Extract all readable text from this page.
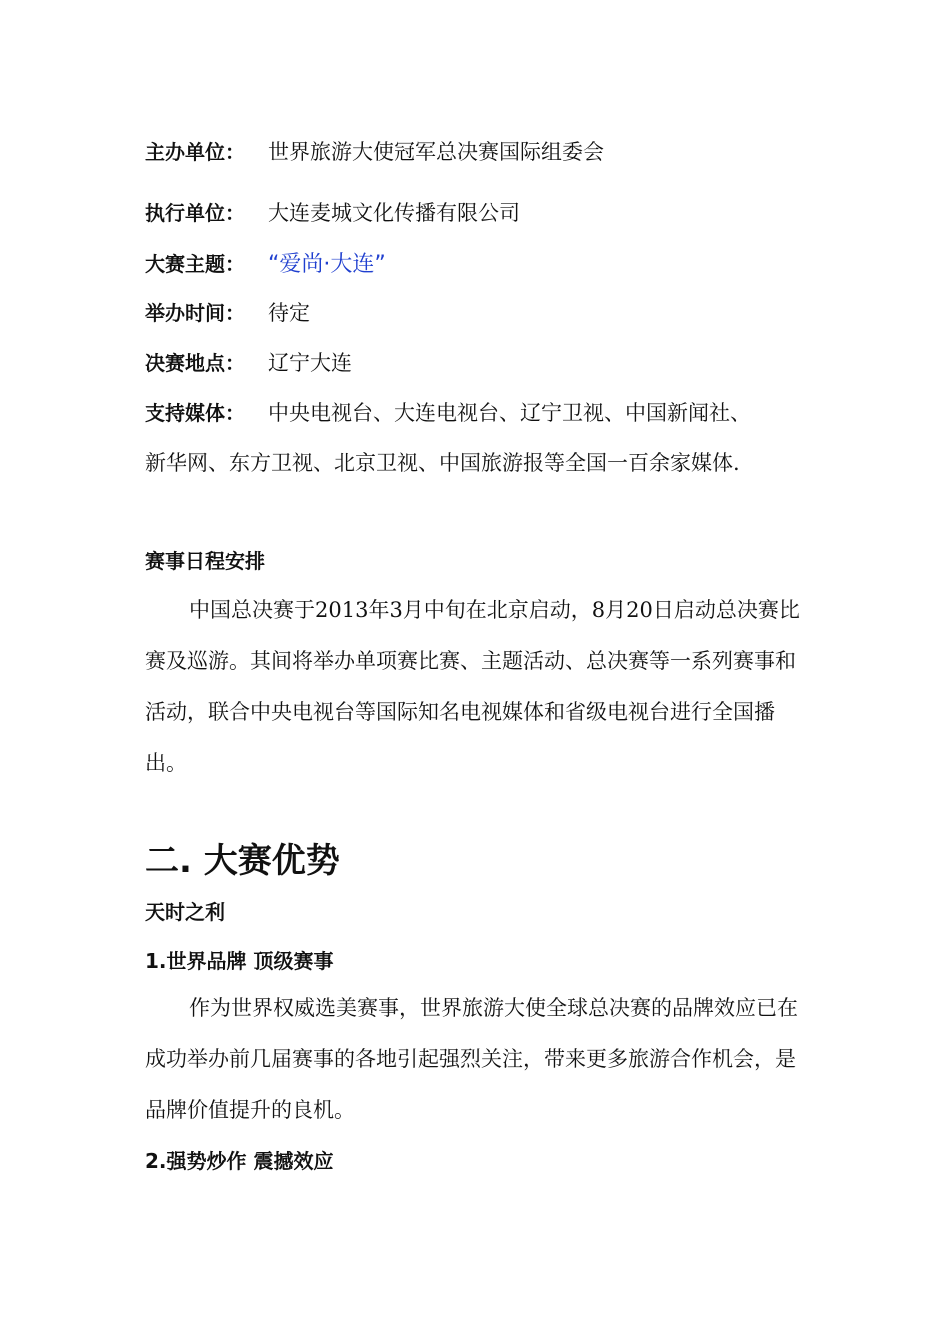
主办单位： 世界旅游大使冠军总决赛国际组委会
执行单位： 大连麦城文化传播有限公司
大赛主题： “爱尚·大连”
举办时间： 待定
决赛地点： 辽宁大连
支持媒体： 中央电视台、大连电视台、辽宁卫视、中国新闻社、
新华网、东方卫视、北京卫视、中国旅游报等全国一百余家媒体.
赛事日程安排
中国总决赛于2013年3月中旬在北京启动，8月20日启动总决赛比赛及巡游。其间将举办单项赛比赛、主题活动、总决赛等一系列赛事和活动，联合中央电视台等国际知名电视媒体和省级电视台进行全国播出。
二. 大赛优势
天时之利
1.世界品牌 顶级赛事
作为世界权威选美赛事，世界旅游大使全球总决赛的品牌效应已在成功举办前几届赛事的各地引起强烈关注，带来更多旅游合作机会，是品牌价值提升的良机。
2.强势炒作 震撼效应
